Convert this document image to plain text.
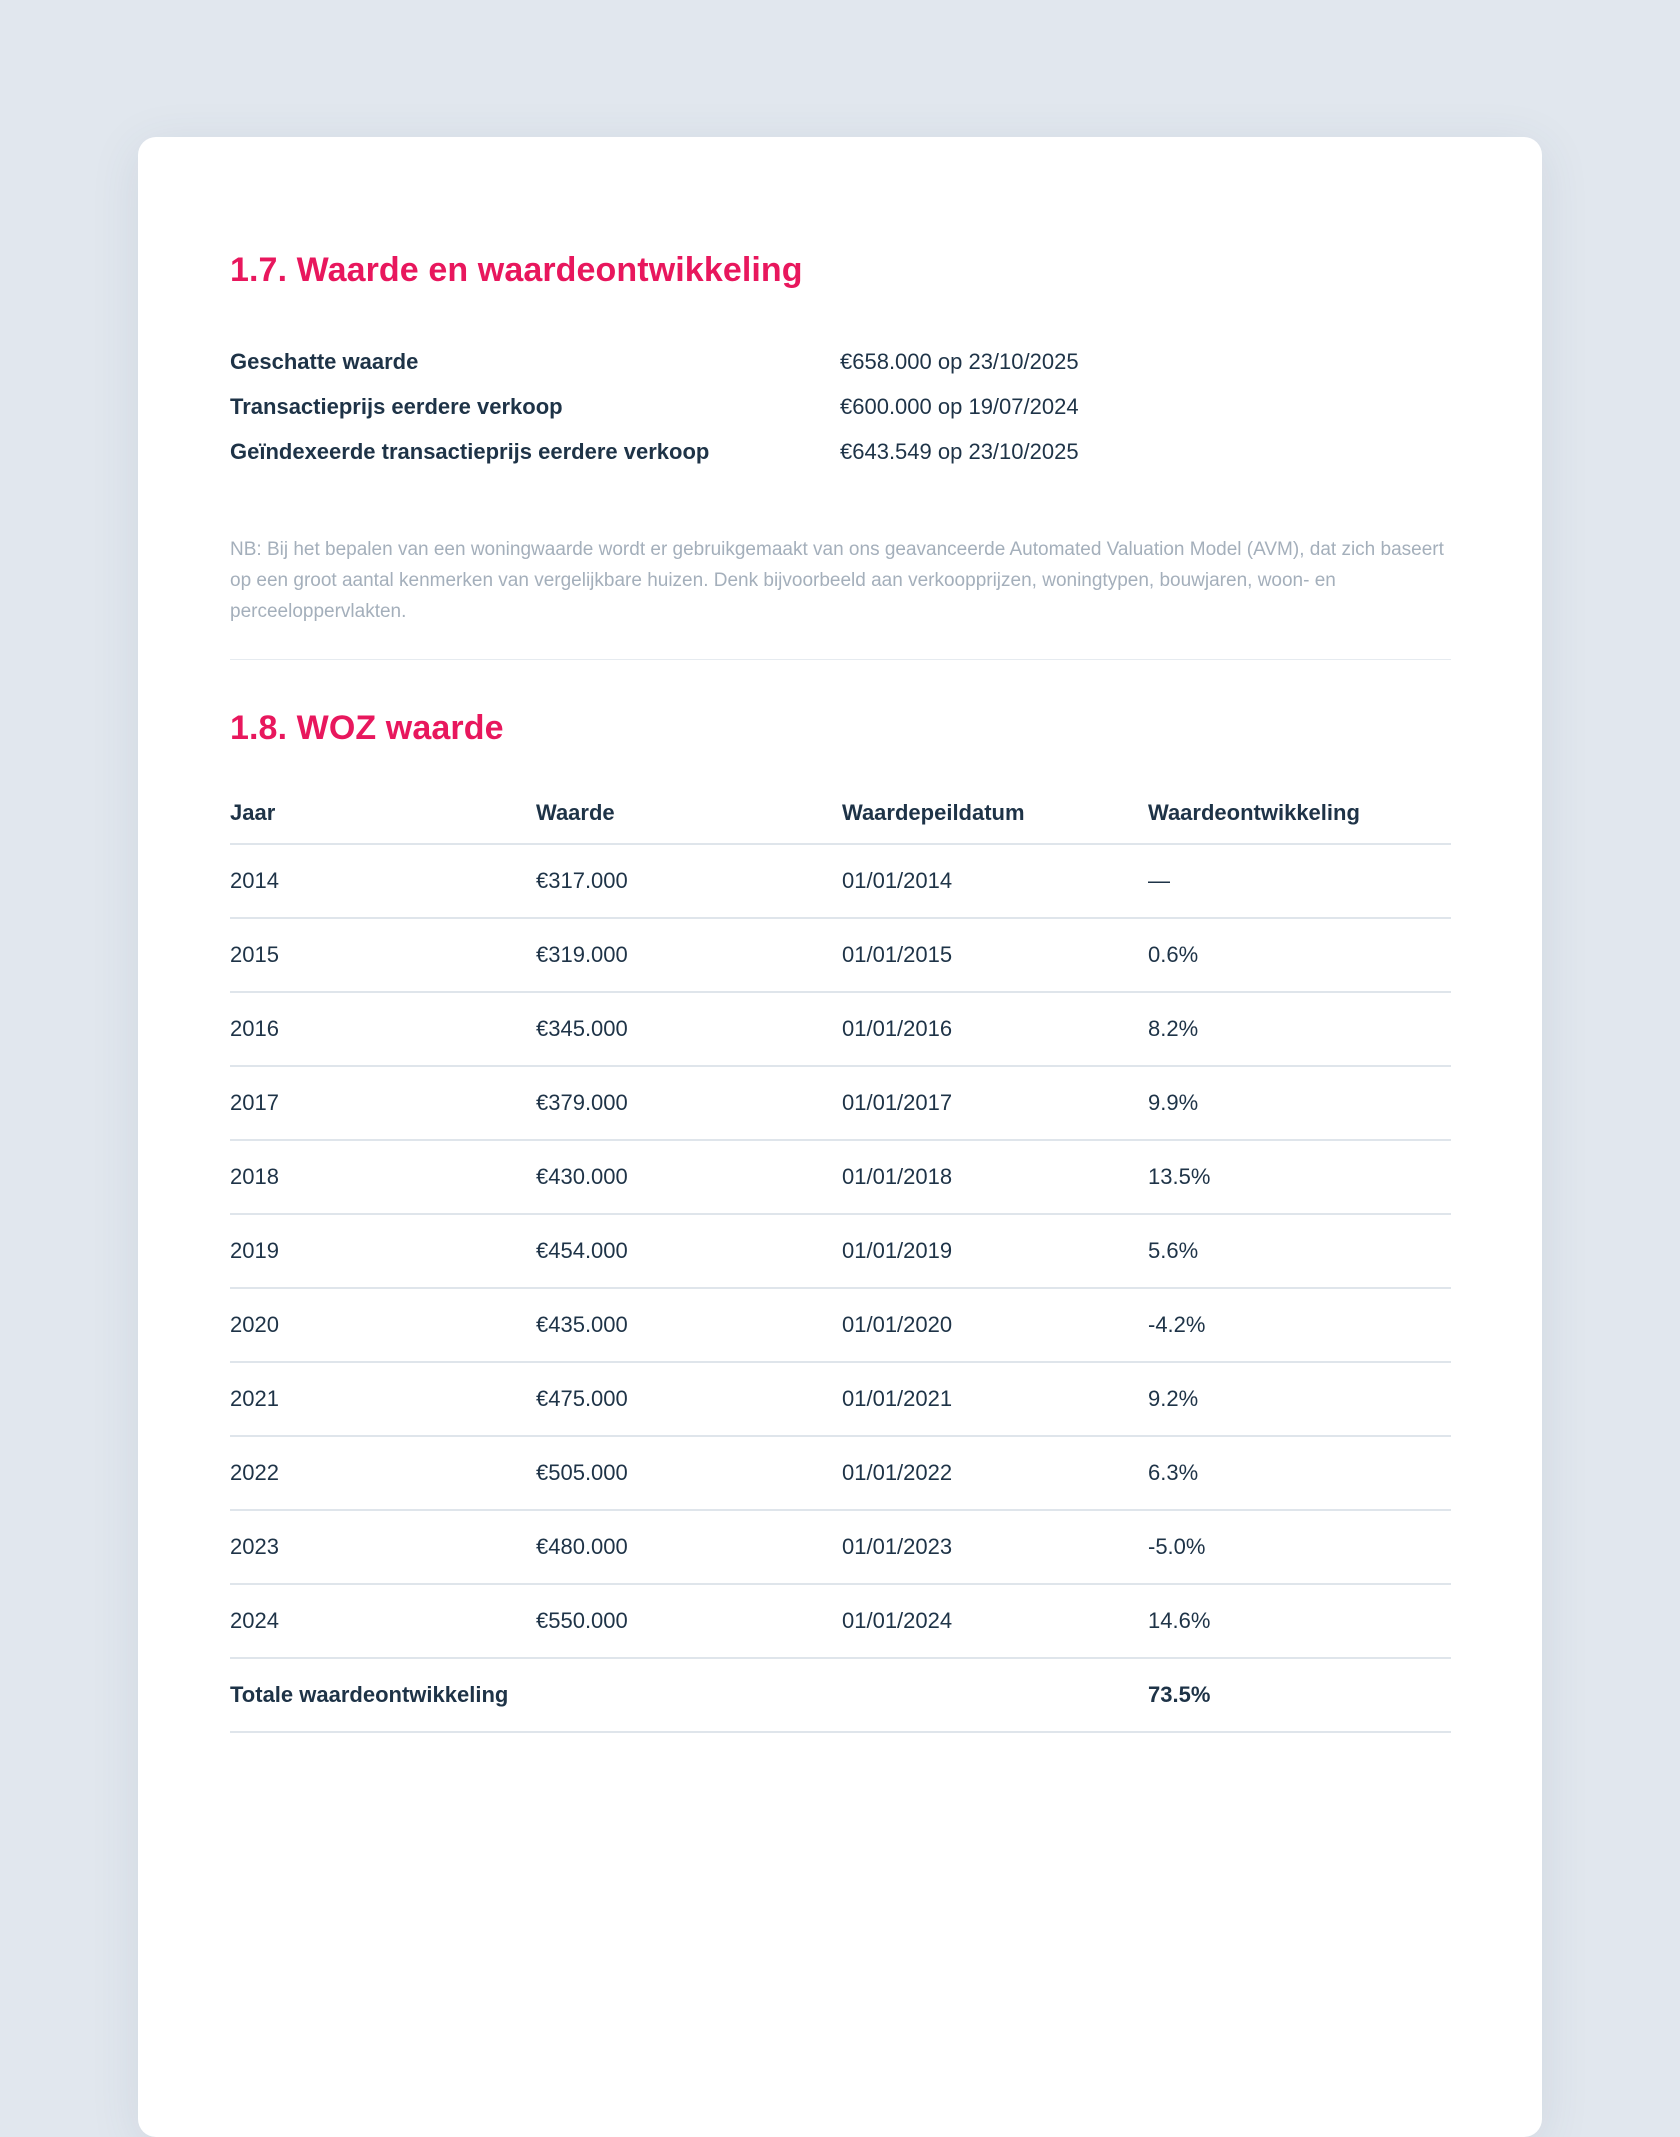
1.7. Waarde en waardeontwikkeling
Geschatte waarde	€658.000 op 23/10/2025
Transactieprijs eerdere verkoop	€600.000 op 19/07/2024
Geïndexeerde transactieprijs eerdere verkoop	€643.549 op 23/10/2025

NB: Bij het bepalen van een woningwaarde wordt er gebruikgemaakt van ons geavanceerde Automated Valuation Model (AVM), dat zich baseert op een groot aantal kenmerken van vergelijkbare huizen. Denk bijvoorbeeld aan verkoopprijzen, woningtypen, bouwjaren, woon- en perceeloppervlakten.

1.8. WOZ waarde
Jaar	Waarde	Waardepeildatum	Waardeontwikkeling
2014	€317.000	01/01/2014	—
2015	€319.000	01/01/2015	0.6%
2016	€345.000	01/01/2016	8.2%
2017	€379.000	01/01/2017	9.9%
2018	€430.000	01/01/2018	13.5%
2019	€454.000	01/01/2019	5.6%
2020	€435.000	01/01/2020	-4.2%
2021	€475.000	01/01/2021	9.2%
2022	€505.000	01/01/2022	6.3%
2023	€480.000	01/01/2023	-5.0%
2024	€550.000	01/01/2024	14.6%
Totale waardeontwikkeling			73.5%
